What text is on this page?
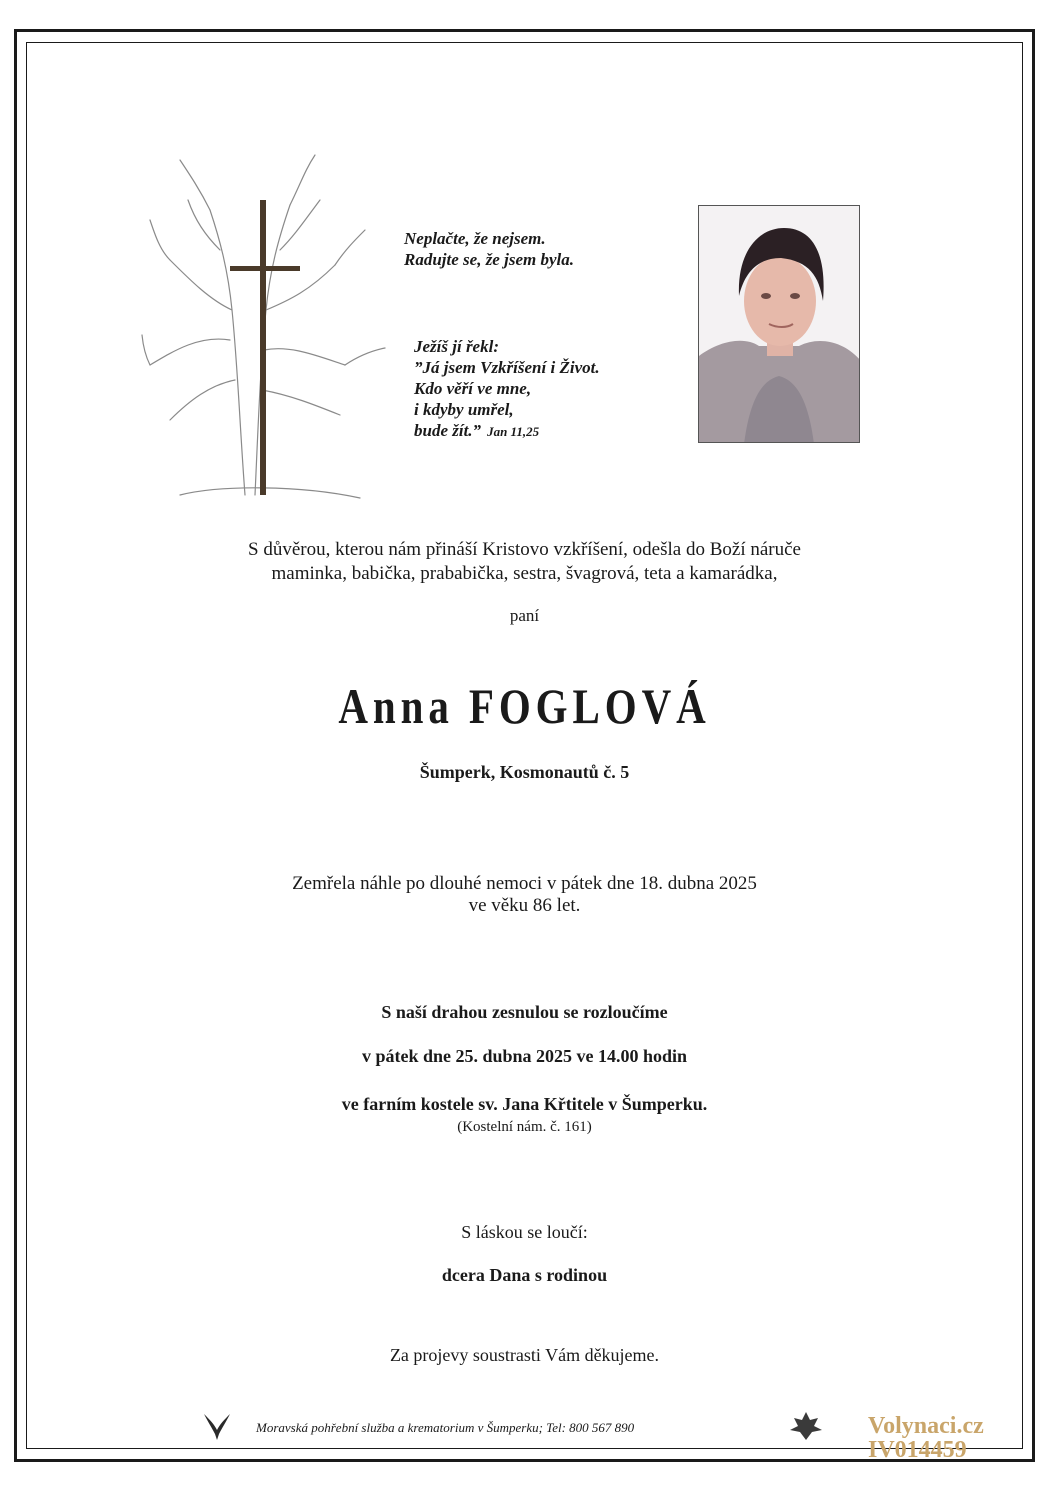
Neplačte, že nejsem.
Radujte se, že jsem byla.
Ježíš jí řekl:
”Já jsem Vzkříšení i Život.
Kdo věří ve mne,
i kdyby umřel,
bude žít.” Jan 11,25
S důvěrou, kterou nám přináší Kristovo vzkříšení, odešla do Boží náruče
maminka, babička, prababička, sestra, švagrová, teta a kamarádka,
paní
Anna FOGLOVÁ
Šumperk, Kosmonautů č. 5
Zemřela náhle po dlouhé nemoci v pátek dne 18. dubna 2025
ve věku 86 let.
S naší drahou zesnulou se rozloučíme
v pátek dne 25. dubna 2025 ve 14.00 hodin
ve farním kostele sv. Jana Křtitele v Šumperku.
(Kostelní nám. č. 161)
S láskou se loučí:
dcera Dana s rodinou
Za projevy soustrasti Vám děkujeme.
Moravská pohřební služba a krematorium v Šumperku; Tel: 800 567 890	Volynaci.cz
IV014459
